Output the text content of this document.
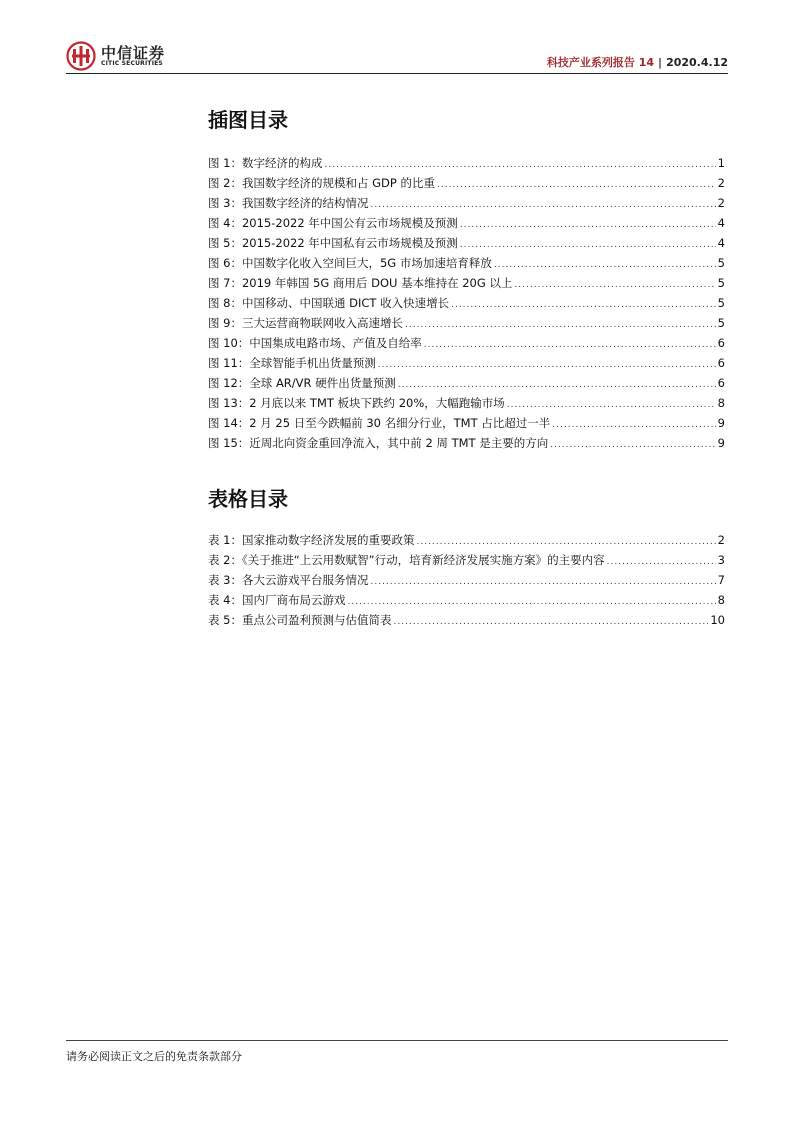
中信证券
CITIC SECURITIES	科技产业系列报告 14 | 2020.4.12
插图目录
图 1：数字经济的构成 .....	1
图 2：我国数字经济的规模和占 GDP 的比重 .....	2
图 3：我国数字经济的结构情况 .....	2
图 4：2015-2022 年中国公有云市场规模及预测 .....	4
图 5：2015-2022 年中国私有云市场规模及预测 .....	4
图 6：中国数字化收入空间巨大，5G 市场加速培育释放 .....	5
图 7：2019 年韩国 5G 商用后 DOU 基本维持在 20G 以上 .....	5
图 8：中国移动、中国联通 DICT 收入快速增长 .....	5
图 9：三大运营商物联网收入高速增长 .....	5
图 10：中国集成电路市场、产值及自给率 .....	6
图 11：全球智能手机出货量预测 .....	6
图 12：全球 AR/VR 硬件出货量预测 .....	6
图 13：2 月底以来 TMT 板块下跌约 20%，大幅跑输市场 .....	8
图 14：2 月 25 日至今跌幅前 30 名细分行业，TMT 占比超过一半 .....	9
图 15：近周北向资金重回净流入，其中前 2 周 TMT 是主要的方向 .....	9
表格目录
表 1：国家推动数字经济发展的重要政策 .....	2
表 2：《关于推进“上云用数赋智”行动，培育新经济发展实施方案》的主要内容 .....	3
表 3：各大云游戏平台服务情况 .....	7
表 4：国内厂商布局云游戏 .....	8
表 5：重点公司盈利预测与估值简表 .....	10
请务必阅读正文之后的免责条款部分
